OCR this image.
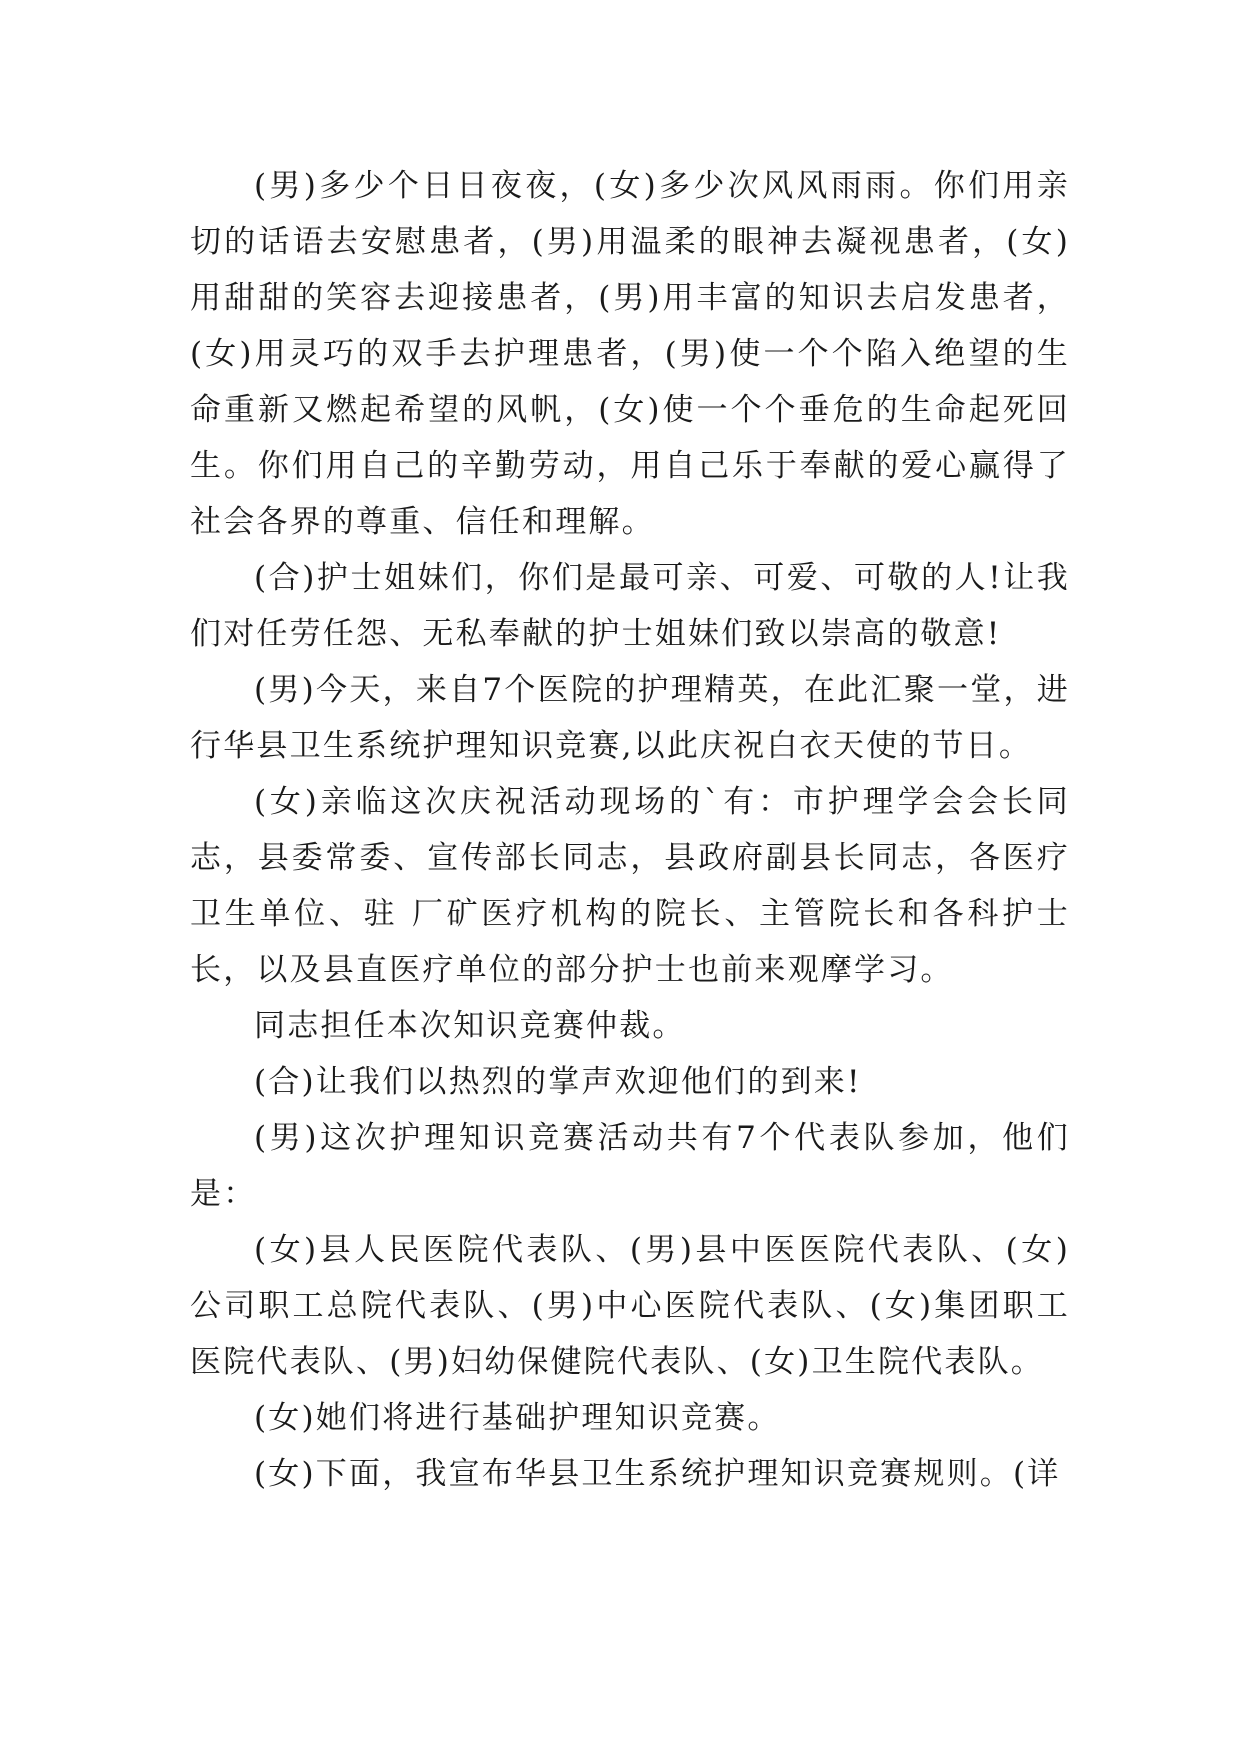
(男)多少个日日夜夜，(女)多少次风风雨雨。你们用亲切的话语去安慰患者，(男)用温柔的眼神去凝视患者，(女)用甜甜的笑容去迎接患者，(男)用丰富的知识去启发患者，(女)用灵巧的双手去护理患者，(男)使一个个陷入绝望的生命重新又燃起希望的风帆，(女)使一个个垂危的生命起死回生。你们用自己的辛勤劳动，用自己乐于奉献的爱心赢得了社会各界的尊重、信任和理解。

(合)护士姐妹们，你们是最可亲、可爱、可敬的人!让我们对任劳任怨、无私奉献的护士姐妹们致以崇高的敬意!

(男)今天，来自7个医院的护理精英，在此汇聚一堂，进行华县卫生系统护理知识竞赛,以此庆祝白衣天使的节日。

(女)亲临这次庆祝活动现场的`有：市护理学会会长同志，县委常委、宣传部长同志，县政府副县长同志，各医疗卫生单位、驻 厂矿医疗机构的院长、主管院长和各科护士长，以及县直医疗单位的部分护士也前来观摩学习。

同志担任本次知识竞赛仲裁。

(合)让我们以热烈的掌声欢迎他们的到来!

(男)这次护理知识竞赛活动共有7个代表队参加，他们是：

(女)县人民医院代表队、(男)县中医医院代表队、(女)公司职工总院代表队、(男)中心医院代表队、(女)集团职工医院代表队、(男)妇幼保健院代表队、(女)卫生院代表队。

(女)她们将进行基础护理知识竞赛。

(女)下面，我宣布华县卫生系统护理知识竞赛规则。(详
